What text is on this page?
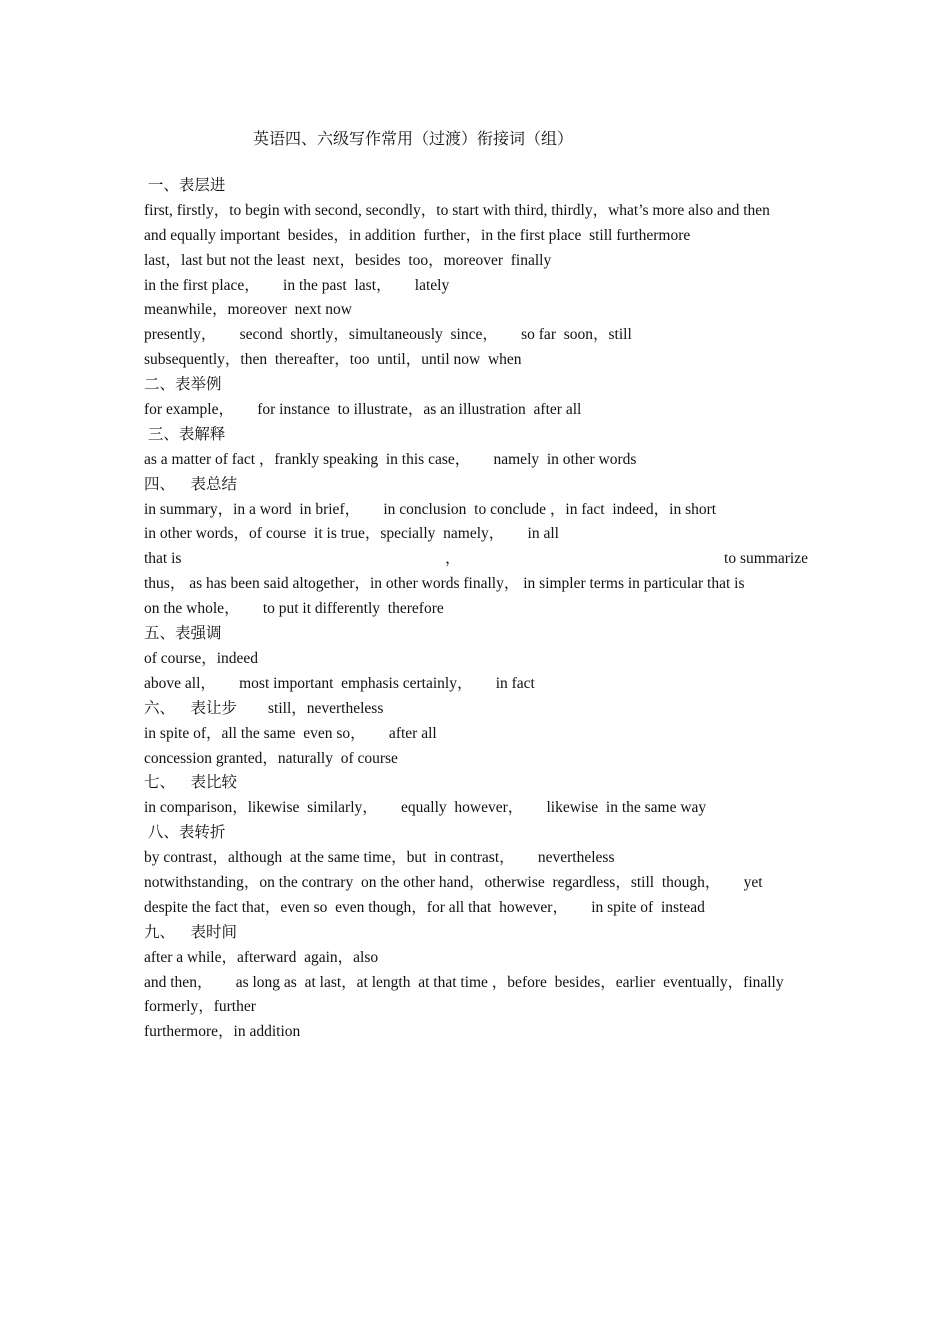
英语四、六级写作常用（过渡）衔接词（组）
一、表层进
first, firstly，to begin with second, secondly，to start with third, thirdly，what’s more also and then
and equally important  besides，in addition  further，in the first place  still furthermore
last，last but not the least  next，besides  too，moreover  finally
in the first place，      in the past  last，      lately
meanwhile，moreover  next now
presently，      second  shortly，simultaneously  since，      so far  soon，still
subsequently，then  thereafter，too  until，until now  when
二、表举例
for example，      for instance  to illustrate，as an illustration  after all
三、表解释
as a matter of fact ，frankly speaking  in this case，      namely  in other words
四、    表总结
in summary，in a word  in brief，      in conclusion  to conclude ，in fact  indeed，in short
in other words，of course  it is true，specially  namely，      in all
that is	，	to summarize
thus， as has been said altogether，in other words finally， in simpler terms in particular that is
on the whole，      to put it differently  therefore
五、表强调
of course，indeed
above all，      most important  emphasis certainly，      in fact
六、    表让步        still，nevertheless
in spite of，all the same  even so，      after all
concession granted，naturally  of course
七、    表比较
in comparison，likewise  similarly，      equally  however，      likewise  in the same way
八、表转折
by contrast，although  at the same time，but  in contrast，      nevertheless
notwithstanding，on the contrary  on the other hand，otherwise  regardless，still  though，      yet
despite the fact that，even so  even though，for all that  however，      in spite of  instead
九、    表时间
after a while，afterward  again，also
and then，      as long as  at last，at length  at that time ，before  besides，earlier  eventually，finally
formerly，further
furthermore，in addition
